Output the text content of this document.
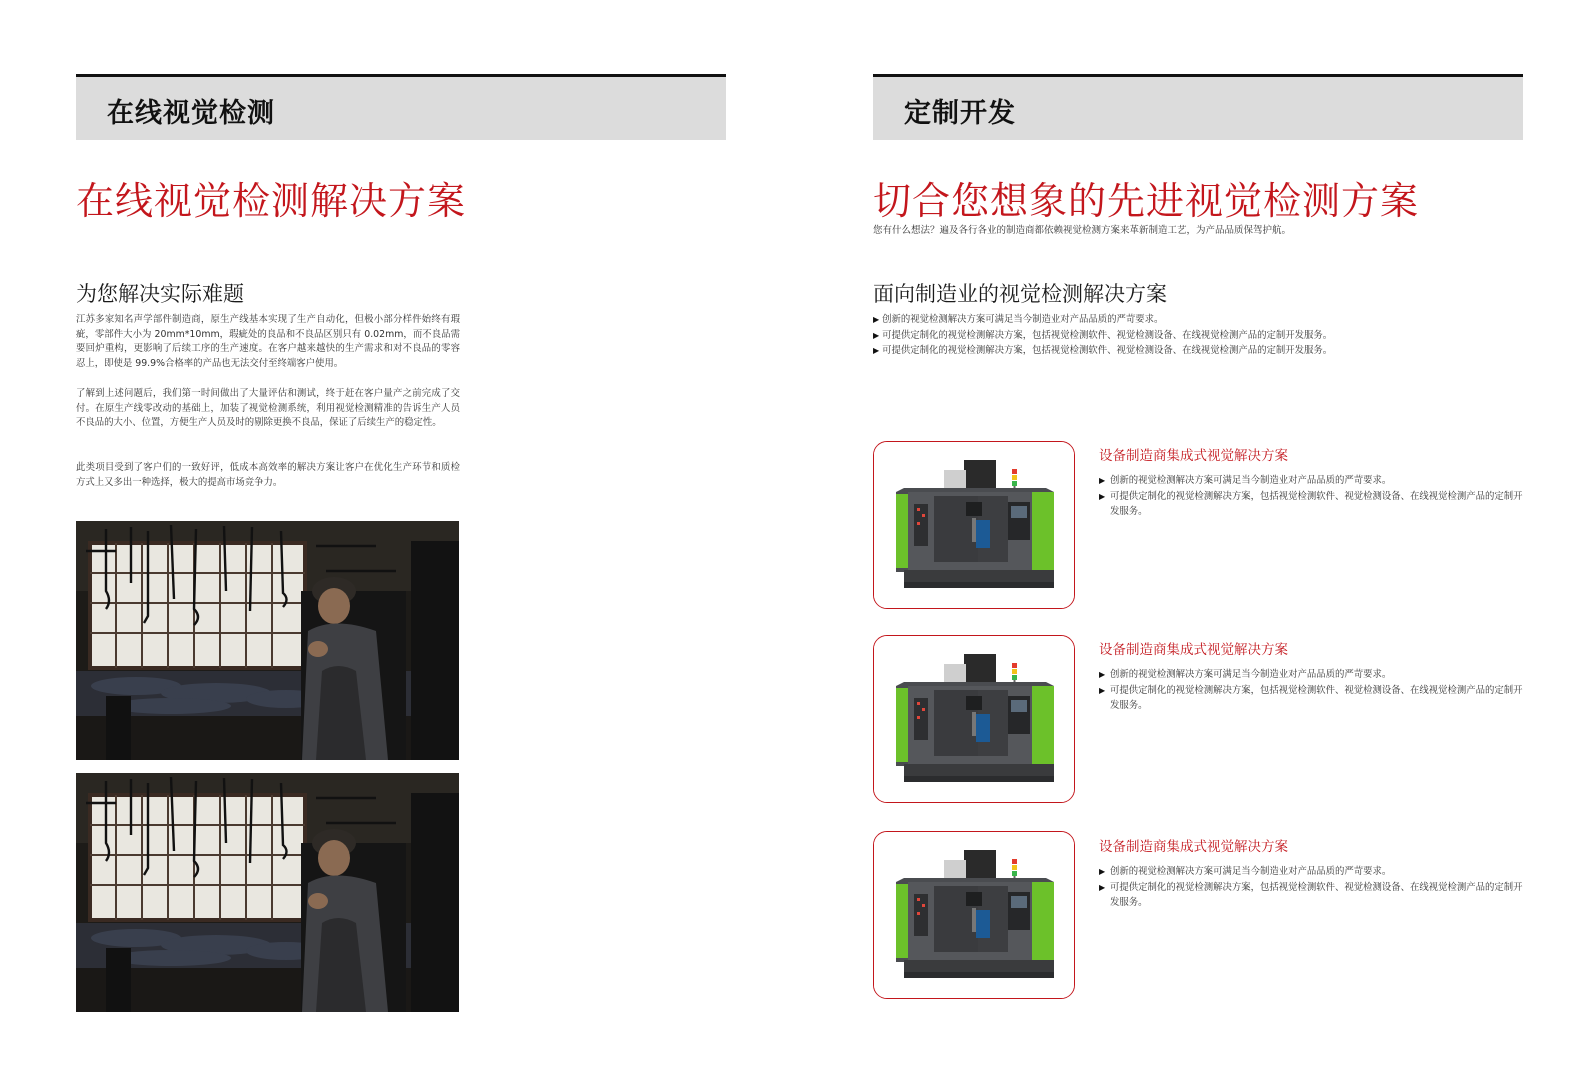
在线视觉检测
在线视觉检测解决方案
为您解决实际难题

江苏多家知名声学部件制造商，原生产线基本实现了生产自动化，但极小部分样件始终有瑕疵，零部件大小为 20mm*10mm，瑕疵处的良品和不良品区别只有 0.02mm，而不良品需要回炉重构，更影响了后续工序的生产速度。在客户越来越快的生产需求和对不良品的零容忍上，即使是 99.9%合格率的产品也无法交付至终端客户使用。

了解到上述问题后，我们第一时间做出了大量评估和测试，终于赶在客户量产之前完成了交付。在原生产线零改动的基础上，加装了视觉检测系统，利用视觉检测精准的告诉生产人员不良品的大小、位置，方便生产人员及时的剔除更换不良品，保证了后续生产的稳定性。

此类项目受到了客户们的一致好评，低成本高效率的解决方案让客户在优化生产环节和质检方式上又多出一种选择，极大的提高市场竞争力。

定制开发
切合您想象的先进视觉检测方案
您有什么想法？遍及各行各业的制造商都依赖视觉检测方案来革新制造工艺，为产品品质保驾护航。
面向制造业的视觉检测解决方案
▶ 创新的视觉检测解决方案可满足当今制造业对产品品质的严苛要求。
▶ 可提供定制化的视觉检测解决方案，包括视觉检测软件、视觉检测设备、在线视觉检测产品的定制开发服务。
▶ 可提供定制化的视觉检测解决方案，包括视觉检测软件、视觉检测设备、在线视觉检测产品的定制开发服务。
设备制造商集成式视觉解决方案
▶ 创新的视觉检测解决方案可满足当今制造业对产品品质的严苛要求。
▶ 可提供定制化的视觉检测解决方案，包括视觉检测软件、视觉检测设备、在线视觉检测产品的定制开发服务。
设备制造商集成式视觉解决方案
▶ 创新的视觉检测解决方案可满足当今制造业对产品品质的严苛要求。
▶ 可提供定制化的视觉检测解决方案，包括视觉检测软件、视觉检测设备、在线视觉检测产品的定制开发服务。
设备制造商集成式视觉解决方案
▶ 创新的视觉检测解决方案可满足当今制造业对产品品质的严苛要求。
▶ 可提供定制化的视觉检测解决方案，包括视觉检测软件、视觉检测设备、在线视觉检测产品的定制开发服务。
